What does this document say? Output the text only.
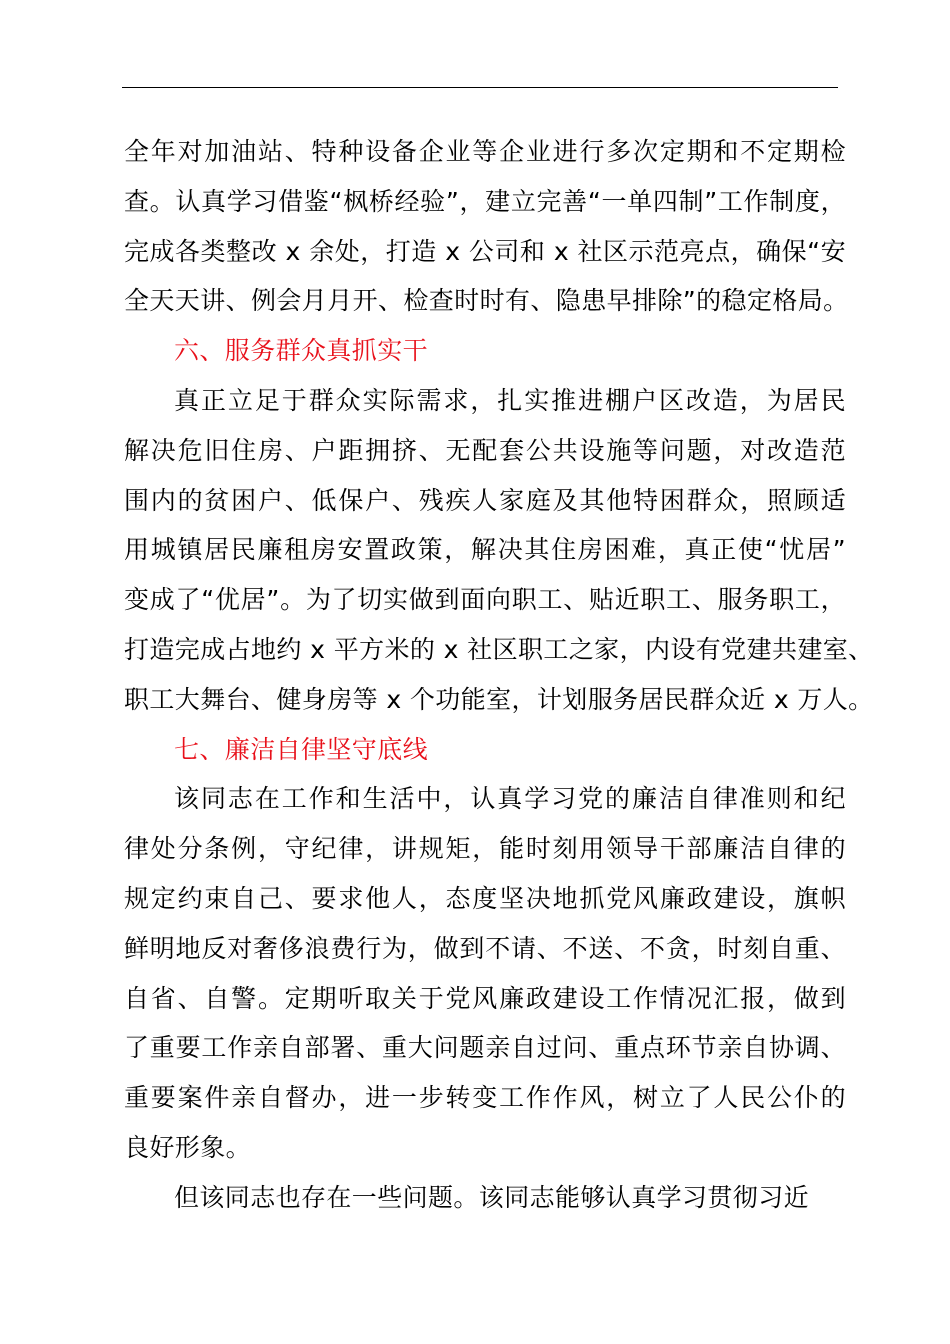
全年对加油站、特种设备企业等企业进行多次定期和不定期检
查。认真学习借鉴“枫桥经验”，建立完善“一单四制”工作制度，
完成各类整改 x 余处，打造 x 公司和 x 社区示范亮点，确保“安
全天天讲、例会月月开、检查时时有、隐患早排除”的稳定格局。
六、服务群众真抓实干
真正立足于群众实际需求，扎实推进棚户区改造，为居民
解决危旧住房、户距拥挤、无配套公共设施等问题，对改造范
围内的贫困户、低保户、残疾人家庭及其他特困群众，照顾适
用城镇居民廉租房安置政策，解决其住房困难，真正使“忧居”
变成了“优居”。为了切实做到面向职工、贴近职工、服务职工，
打造完成占地约 x 平方米的 x 社区职工之家，内设有党建共建室、
职工大舞台、健身房等 x 个功能室，计划服务居民群众近 x 万人。
七、廉洁自律坚守底线
该同志在工作和生活中，认真学习党的廉洁自律准则和纪
律处分条例，守纪律，讲规矩，能时刻用领导干部廉洁自律的
规定约束自己、要求他人，态度坚决地抓党风廉政建设，旗帜
鲜明地反对奢侈浪费行为，做到不请、不送、不贪，时刻自重、
自省、自警。定期听取关于党风廉政建设工作情况汇报，做到
了重要工作亲自部署、重大问题亲自过问、重点环节亲自协调、
重要案件亲自督办，进一步转变工作作风，树立了人民公仆的
良好形象。
但该同志也存在一些问题。该同志能够认真学习贯彻习近
